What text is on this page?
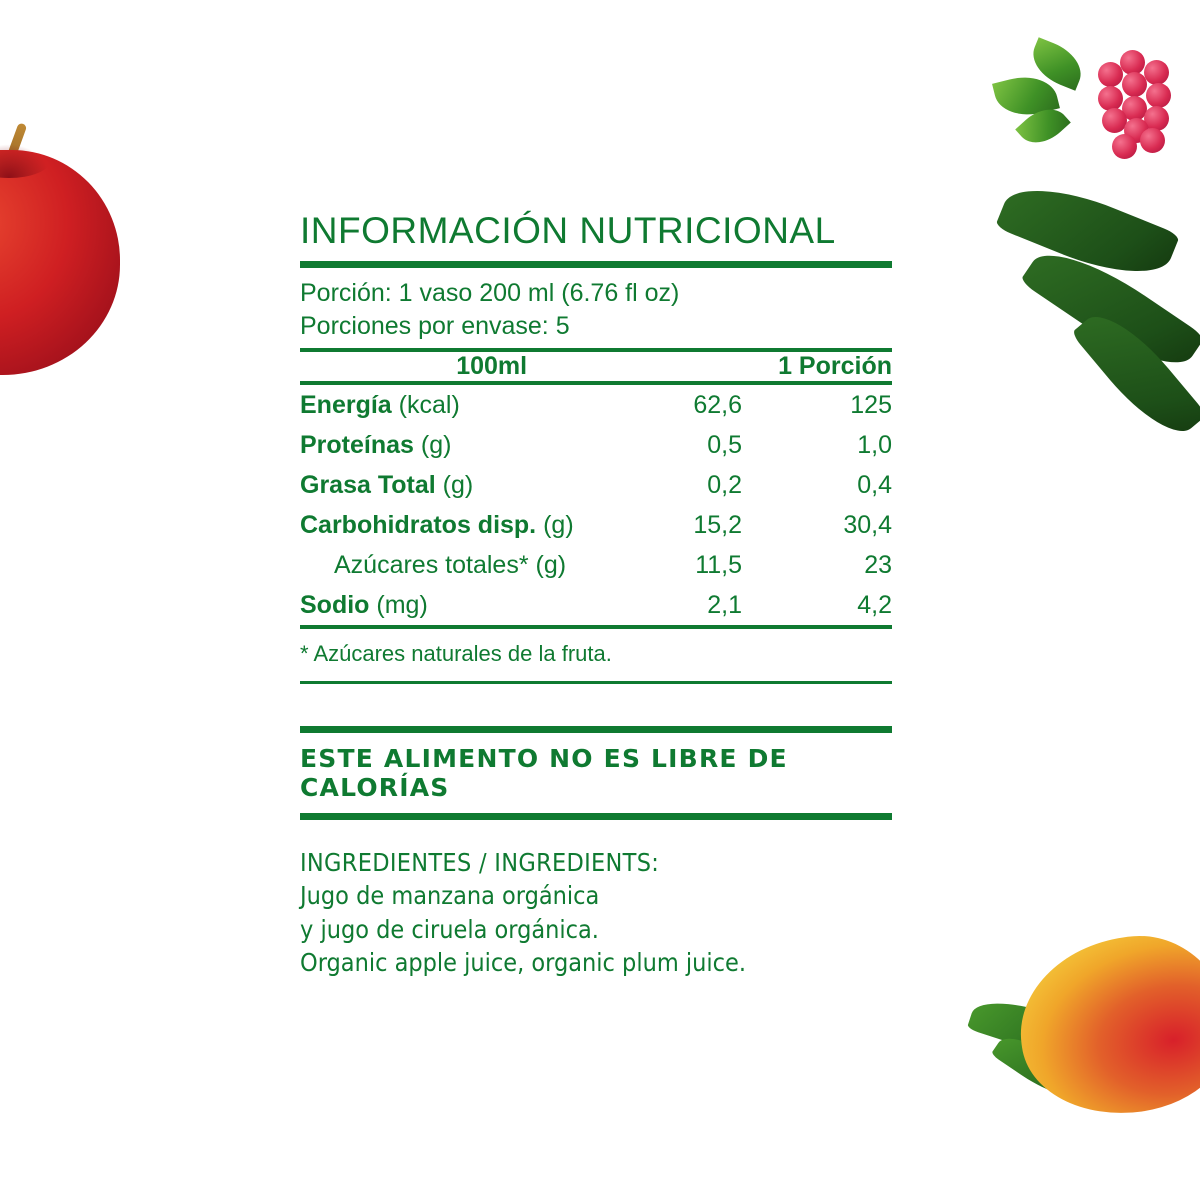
INFORMACIÓN NUTRICIONAL
Porción: 1 vaso 200 ml (6.76 fl oz)
Porciones por envase: 5
	100ml	1 Porción
Energía (kcal)	62,6	125
Proteínas (g)	0,5	1,0
Grasa Total (g)	0,2	0,4
Carbohidratos disp. (g)	15,2	30,4
Azúcares totales* (g)	11,5	23
Sodio (mg)	2,1	4,2
* Azúcares naturales de la fruta.
ESTE ALIMENTO NO ES LIBRE DE CALORÍAS
INGREDIENTES / INGREDIENTS:
Jugo de manzana orgánica
y jugo de ciruela orgánica.
Organic apple juice, organic plum juice.
